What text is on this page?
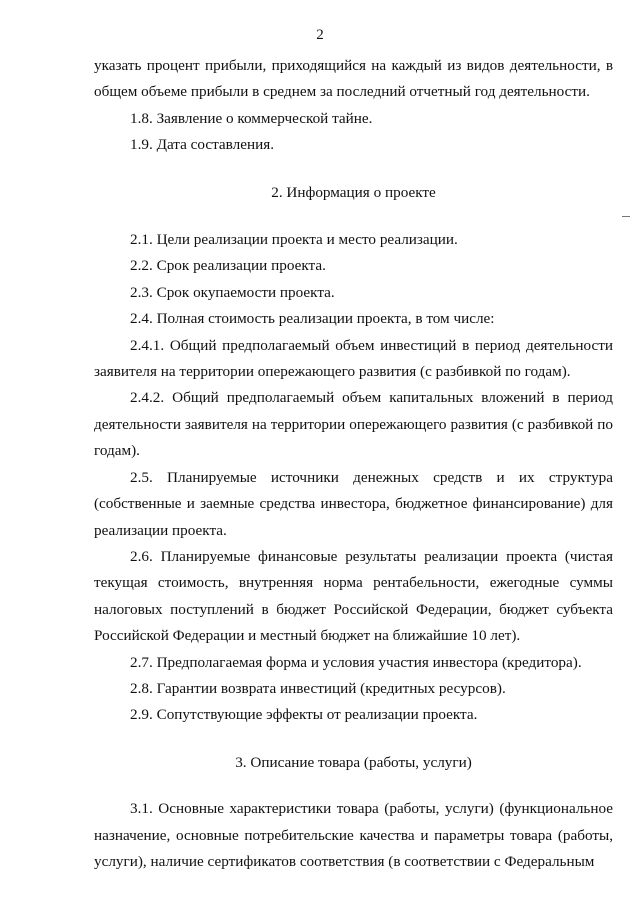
2

указать процент прибыли, приходящийся на каждый из видов деятельности, в общем объеме прибыли в среднем за последний отчетный год деятельности.

1.8. Заявление о коммерческой тайне.

1.9. Дата составления.

2. Информация о проекте

2.1. Цели реализации проекта и место реализации.

2.2. Срок реализации проекта.

2.3. Срок окупаемости проекта.

2.4. Полная стоимость реализации проекта, в том числе:

2.4.1. Общий предполагаемый объем инвестиций в период деятельности заявителя на территории опережающего развития (с разбивкой по годам).

2.4.2. Общий предполагаемый объем капитальных вложений в период деятельности заявителя на территории опережающего развития (с разбивкой по годам).

2.5. Планируемые источники денежных средств и их структура (собственные и заемные средства инвестора, бюджетное финансирование) для реализации проекта.

2.6. Планируемые финансовые результаты реализации проекта (чистая текущая стоимость, внутренняя норма рентабельности, ежегодные суммы налоговых поступлений в бюджет Российской Федерации, бюджет субъекта Российской Федерации и местный бюджет на ближайшие 10 лет).

2.7. Предполагаемая форма и условия участия инвестора (кредитора).

2.8. Гарантии возврата инвестиций (кредитных ресурсов).

2.9. Сопутствующие эффекты от реализации проекта.

3. Описание товара (работы, услуги)

3.1. Основные характеристики товара (работы, услуги) (функциональное назначение, основные потребительские качества и параметры товара (работы, услуги), наличие сертификатов соответствия (в соответствии с Федеральным
